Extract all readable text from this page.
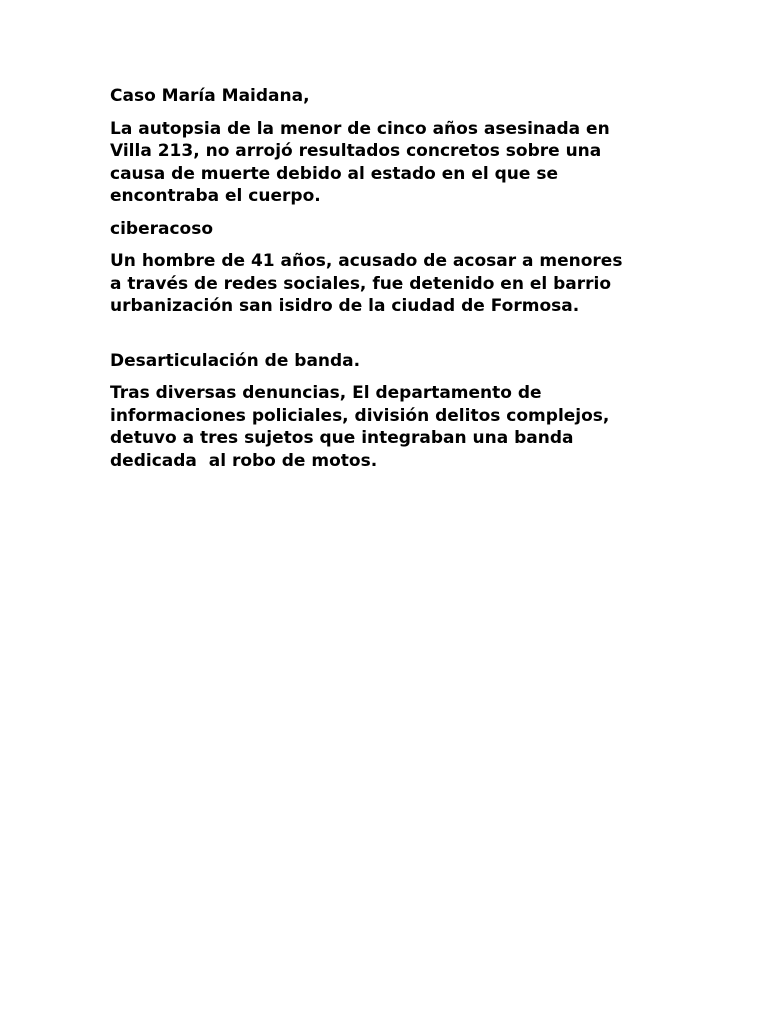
Caso María Maidana,

La autopsia de la menor de cinco años asesinada en
Villa 213, no arrojó resultados concretos sobre una
causa de muerte debido al estado en el que se
encontraba el cuerpo.

ciberacoso

Un hombre de 41 años, acusado de acosar a menores
a través de redes sociales, fue detenido en el barrio
urbanización san isidro de la ciudad de Formosa.

Desarticulación de banda.

Tras diversas denuncias, El departamento de
informaciones policiales, división delitos complejos,
detuvo a tres sujetos que integraban una banda
dedicada  al robo de motos.
